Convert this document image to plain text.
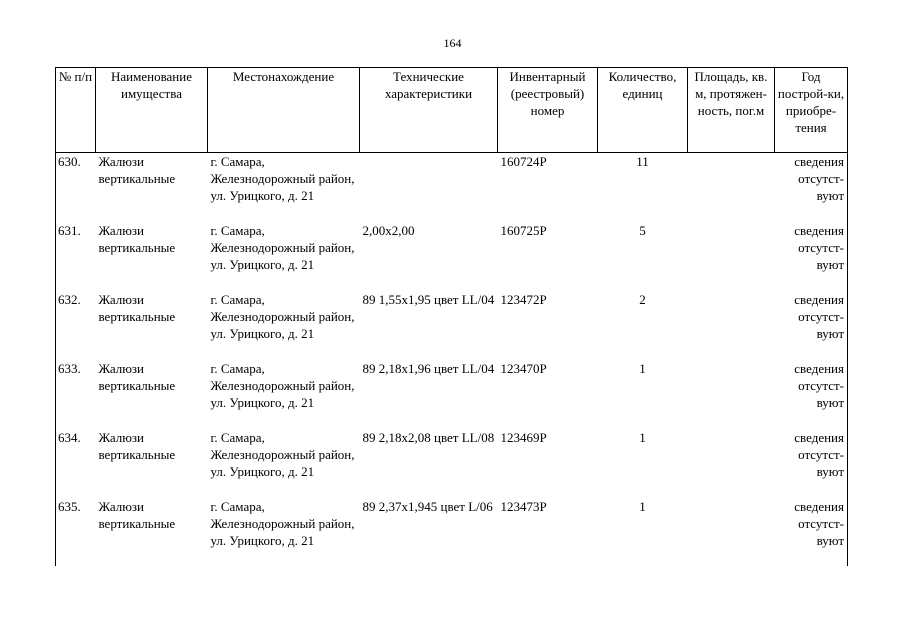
164
№ п/п	Наименование имущества	Местонахождение	Технические характеристики	Инвентарный (реестровый) номер	Количество, единиц	Площадь, кв. м, протяжен-ность, пог.м	Год построй-ки, приобре-тения
630.	Жалюзи вертикальные	г. Самара, Железнодорожный район, ул. Урицкого, д. 21		160724Р	11		сведения отсутст-вуют
631.	Жалюзи вертикальные	г. Самара, Железнодорожный район, ул. Урицкого, д. 21	2,00х2,00	160725Р	5		сведения отсутст-вуют
632.	Жалюзи вертикальные	г. Самара, Железнодорожный район, ул. Урицкого, д. 21	89 1,55х1,95 цвет LL/04	123472Р	2		сведения отсутст-вуют
633.	Жалюзи вертикальные	г. Самара, Железнодорожный район, ул. Урицкого, д. 21	89 2,18х1,96 цвет LL/04	123470Р	1		сведения отсутст-вуют
634.	Жалюзи вертикальные	г. Самара, Железнодорожный район, ул. Урицкого, д. 21	89 2,18х2,08 цвет LL/08	123469Р	1		сведения отсутст-вуют
635.	Жалюзи вертикальные	г. Самара, Железнодорожный район, ул. Урицкого, д. 21	89 2,37х1,945 цвет L/06	123473Р	1		сведения отсутст-вуют
